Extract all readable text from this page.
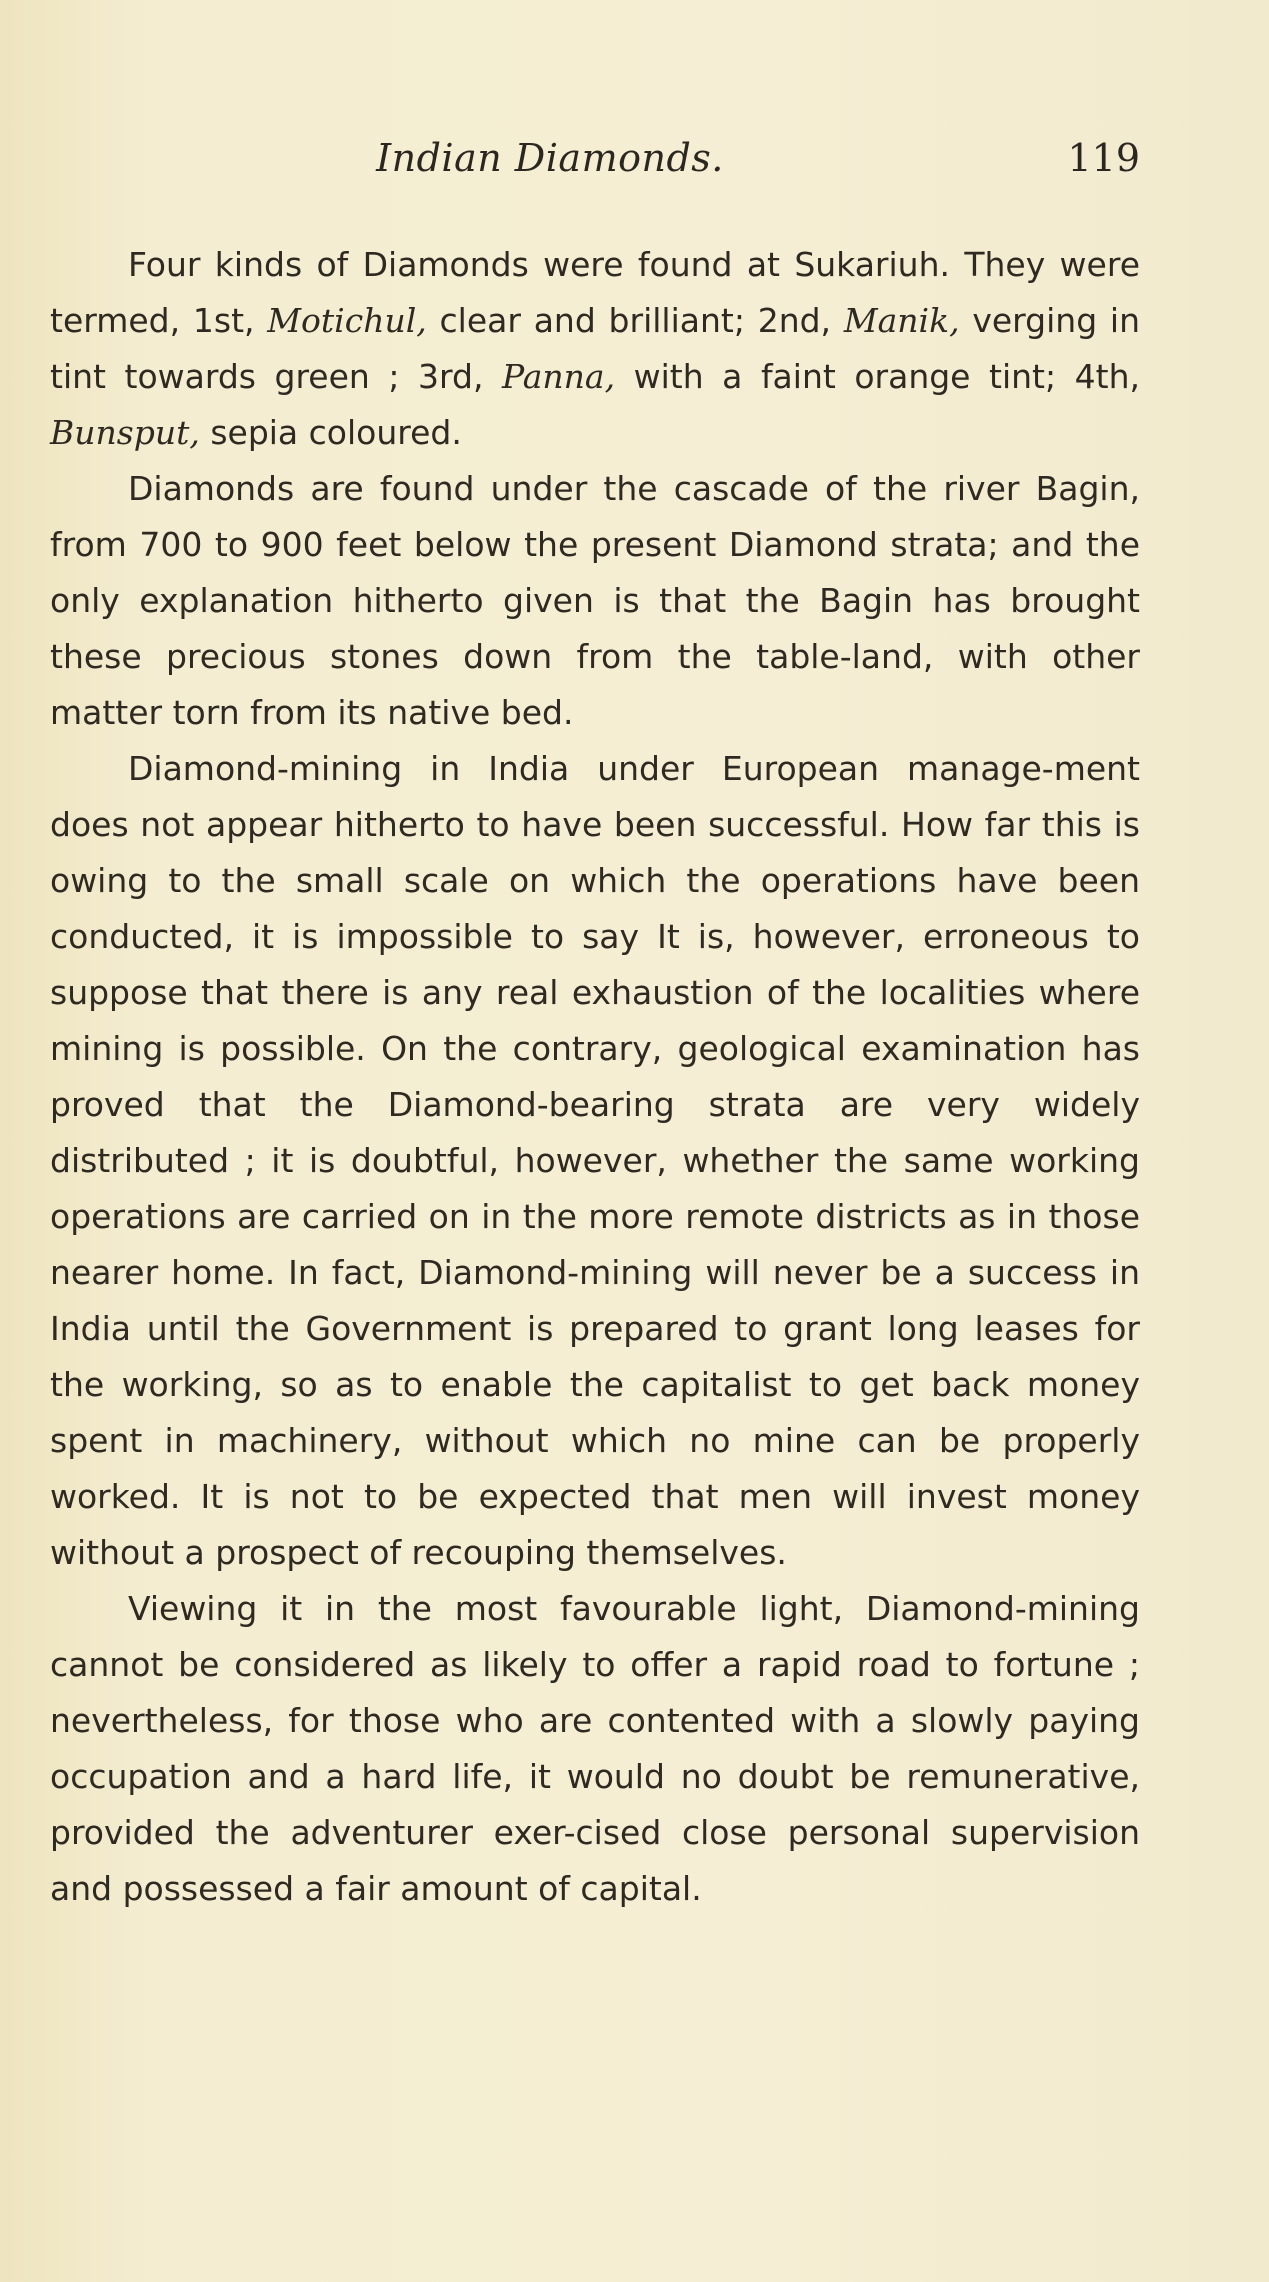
Indian Diamonds.	119

Four kinds of Diamonds were found at Sukariuh. They were termed, 1st, Motichul, clear and brilliant; 2nd, Manik, verging in tint towards green ; 3rd, Panna, with a faint orange tint; 4th, Bunsput, sepia coloured.

Diamonds are found under the cascade of the river Bagin, from 700 to 900 feet below the present Diamond strata; and the only explanation hitherto given is that the Bagin has brought these precious stones down from the table-land, with other matter torn from its native bed.

Diamond-mining in India under European manage-ment does not appear hitherto to have been successful. How far this is owing to the small scale on which the operations have been conducted, it is impossible to say It is, however, erroneous to suppose that there is any real exhaustion of the localities where mining is possible. On the contrary, geological examination has proved that the Diamond-bearing strata are very widely distributed ; it is doubtful, however, whether the same working operations are carried on in the more remote districts as in those nearer home. In fact, Diamond-mining will never be a success in India until the Government is prepared to grant long leases for the working, so as to enable the capitalist to get back money spent in machinery, without which no mine can be properly worked. It is not to be expected that men will invest money without a prospect of recouping themselves.

Viewing it in the most favourable light, Diamond-mining cannot be considered as likely to offer a rapid road to fortune ; nevertheless, for those who are contented with a slowly paying occupation and a hard life, it would no doubt be remunerative, provided the adventurer exer-cised close personal supervision and possessed a fair amount of capital.
